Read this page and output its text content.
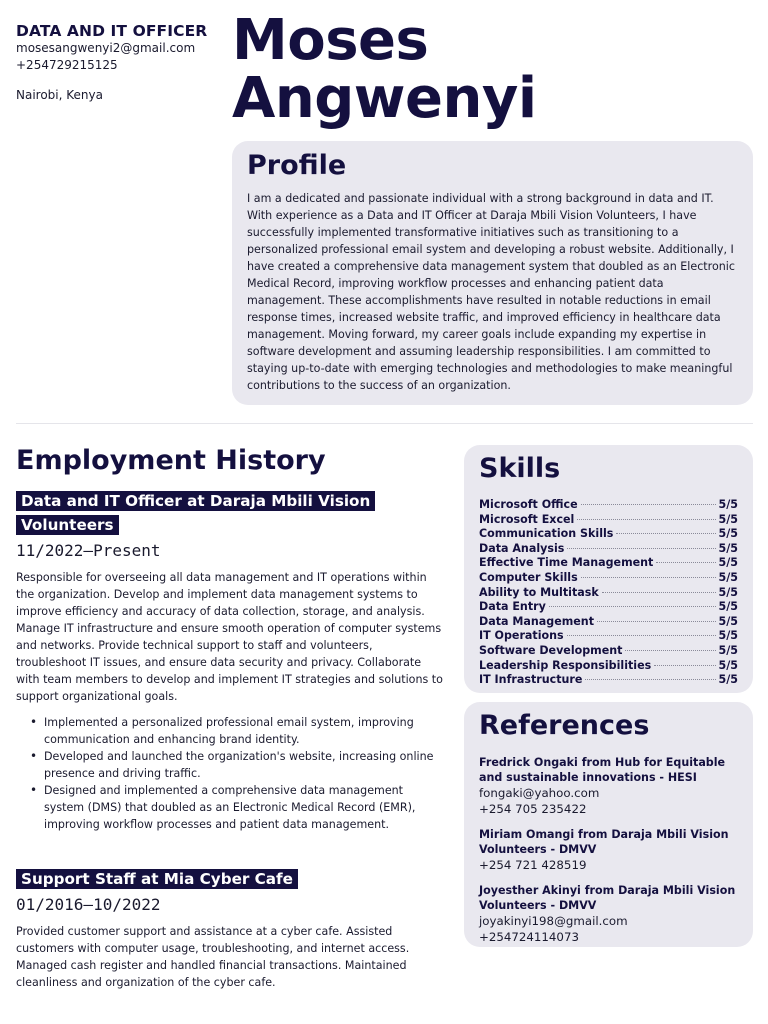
DATA AND IT OFFICER
mosesangwenyi2@gmail.com
+254729215125
Nairobi, Kenya
Moses
Angwenyi
Profile

I am a dedicated and passionate individual with a strong background in data and IT. With experience as a Data and IT Officer at Daraja Mbili Vision Volunteers, I have successfully implemented transformative initiatives such as transitioning to a personalized professional email system and developing a robust website. Additionally, I have created a comprehensive data management system that doubled as an Electronic Medical Record, improving workflow processes and enhancing patient data management. These accomplishments have resulted in notable reductions in email response times, increased website traffic, and improved efficiency in healthcare data management. Moving forward, my career goals include expanding my expertise in software development and assuming leadership responsibilities. I am committed to staying up-to-date with emerging technologies and methodologies to make meaningful contributions to the success of an organization.

Employment History
Data and IT Officer at Daraja Mbili Vision Volunteers
11/2022—Present
Responsible for overseeing all data management and IT operations within the organization. Develop and implement data management systems to improve efficiency and accuracy of data collection, storage, and analysis. Manage IT infrastructure and ensure smooth operation of computer systems and networks. Provide technical support to staff and volunteers, troubleshoot IT issues, and ensure data security and privacy. Collaborate with team members to develop and implement IT strategies and solutions to support organizational goals.
• Implemented a personalized professional email system, improving communication and enhancing brand identity.
• Developed and launched the organization's website, increasing online presence and driving traffic.
• Designed and implemented a comprehensive data management system (DMS) that doubled as an Electronic Medical Record (EMR), improving workflow processes and patient data management.
Support Staff at Mia Cyber Cafe
01/2016—10/2022
Provided customer support and assistance at a cyber cafe. Assisted customers with computer usage, troubleshooting, and internet access. Managed cash register and handled financial transactions. Maintained cleanliness and organization of the cyber cafe.
Skills
Microsoft Office	5/5
Microsoft Excel	5/5
Communication Skills	5/5
Data Analysis	5/5
Effective Time Management	5/5
Computer Skills	5/5
Ability to Multitask	5/5
Data Entry	5/5
Data Management	5/5
IT Operations	5/5
Software Development	5/5
Leadership Responsibilities	5/5
IT Infrastructure	5/5
References
Fredrick Ongaki from Hub for Equitable and sustainable innovations - HESI
fongaki@yahoo.com
+254 705 235422
Miriam Omangi from Daraja Mbili Vision Volunteers - DMVV
+254 721 428519
Joyesther Akinyi from Daraja Mbili Vision Volunteers - DMVV
joyakinyi198@gmail.com
+254724114073
